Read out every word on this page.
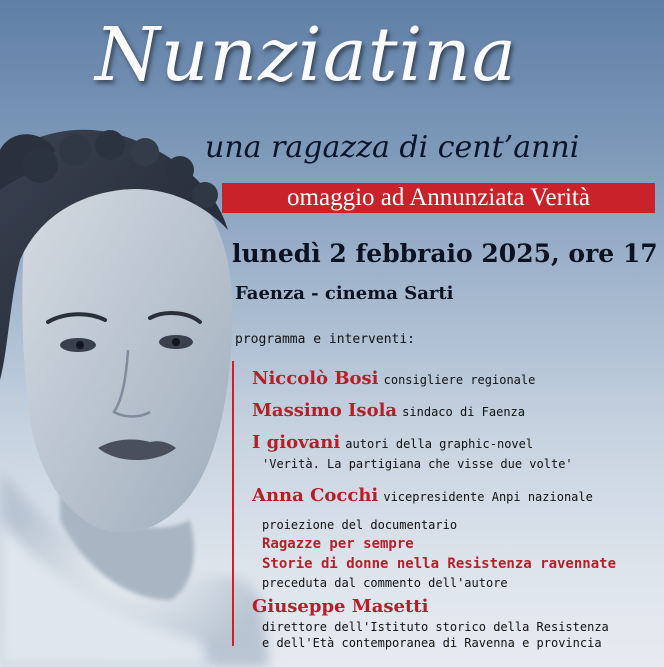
Nunziatina
una ragazza di cent’anni
omaggio ad Annunziata Verità
lunedì 2 febbraio 2025, ore 17
Faenza - cinema Sarti
programma e interventi:
Niccolò Bosi consigliere regionale
Massimo Isola sindaco di Faenza
I giovani autori della graphic-novel
'Verità. La partigiana che visse due volte'
Anna Cocchi vicepresidente Anpi nazionale
proiezione del documentario
Ragazze per sempre
Storie di donne nella Resistenza ravennate
preceduta dal commento dell'autore
Giuseppe Masetti
direttore dell'Istituto storico della Resistenza
e dell'Età contemporanea di Ravenna e provincia
